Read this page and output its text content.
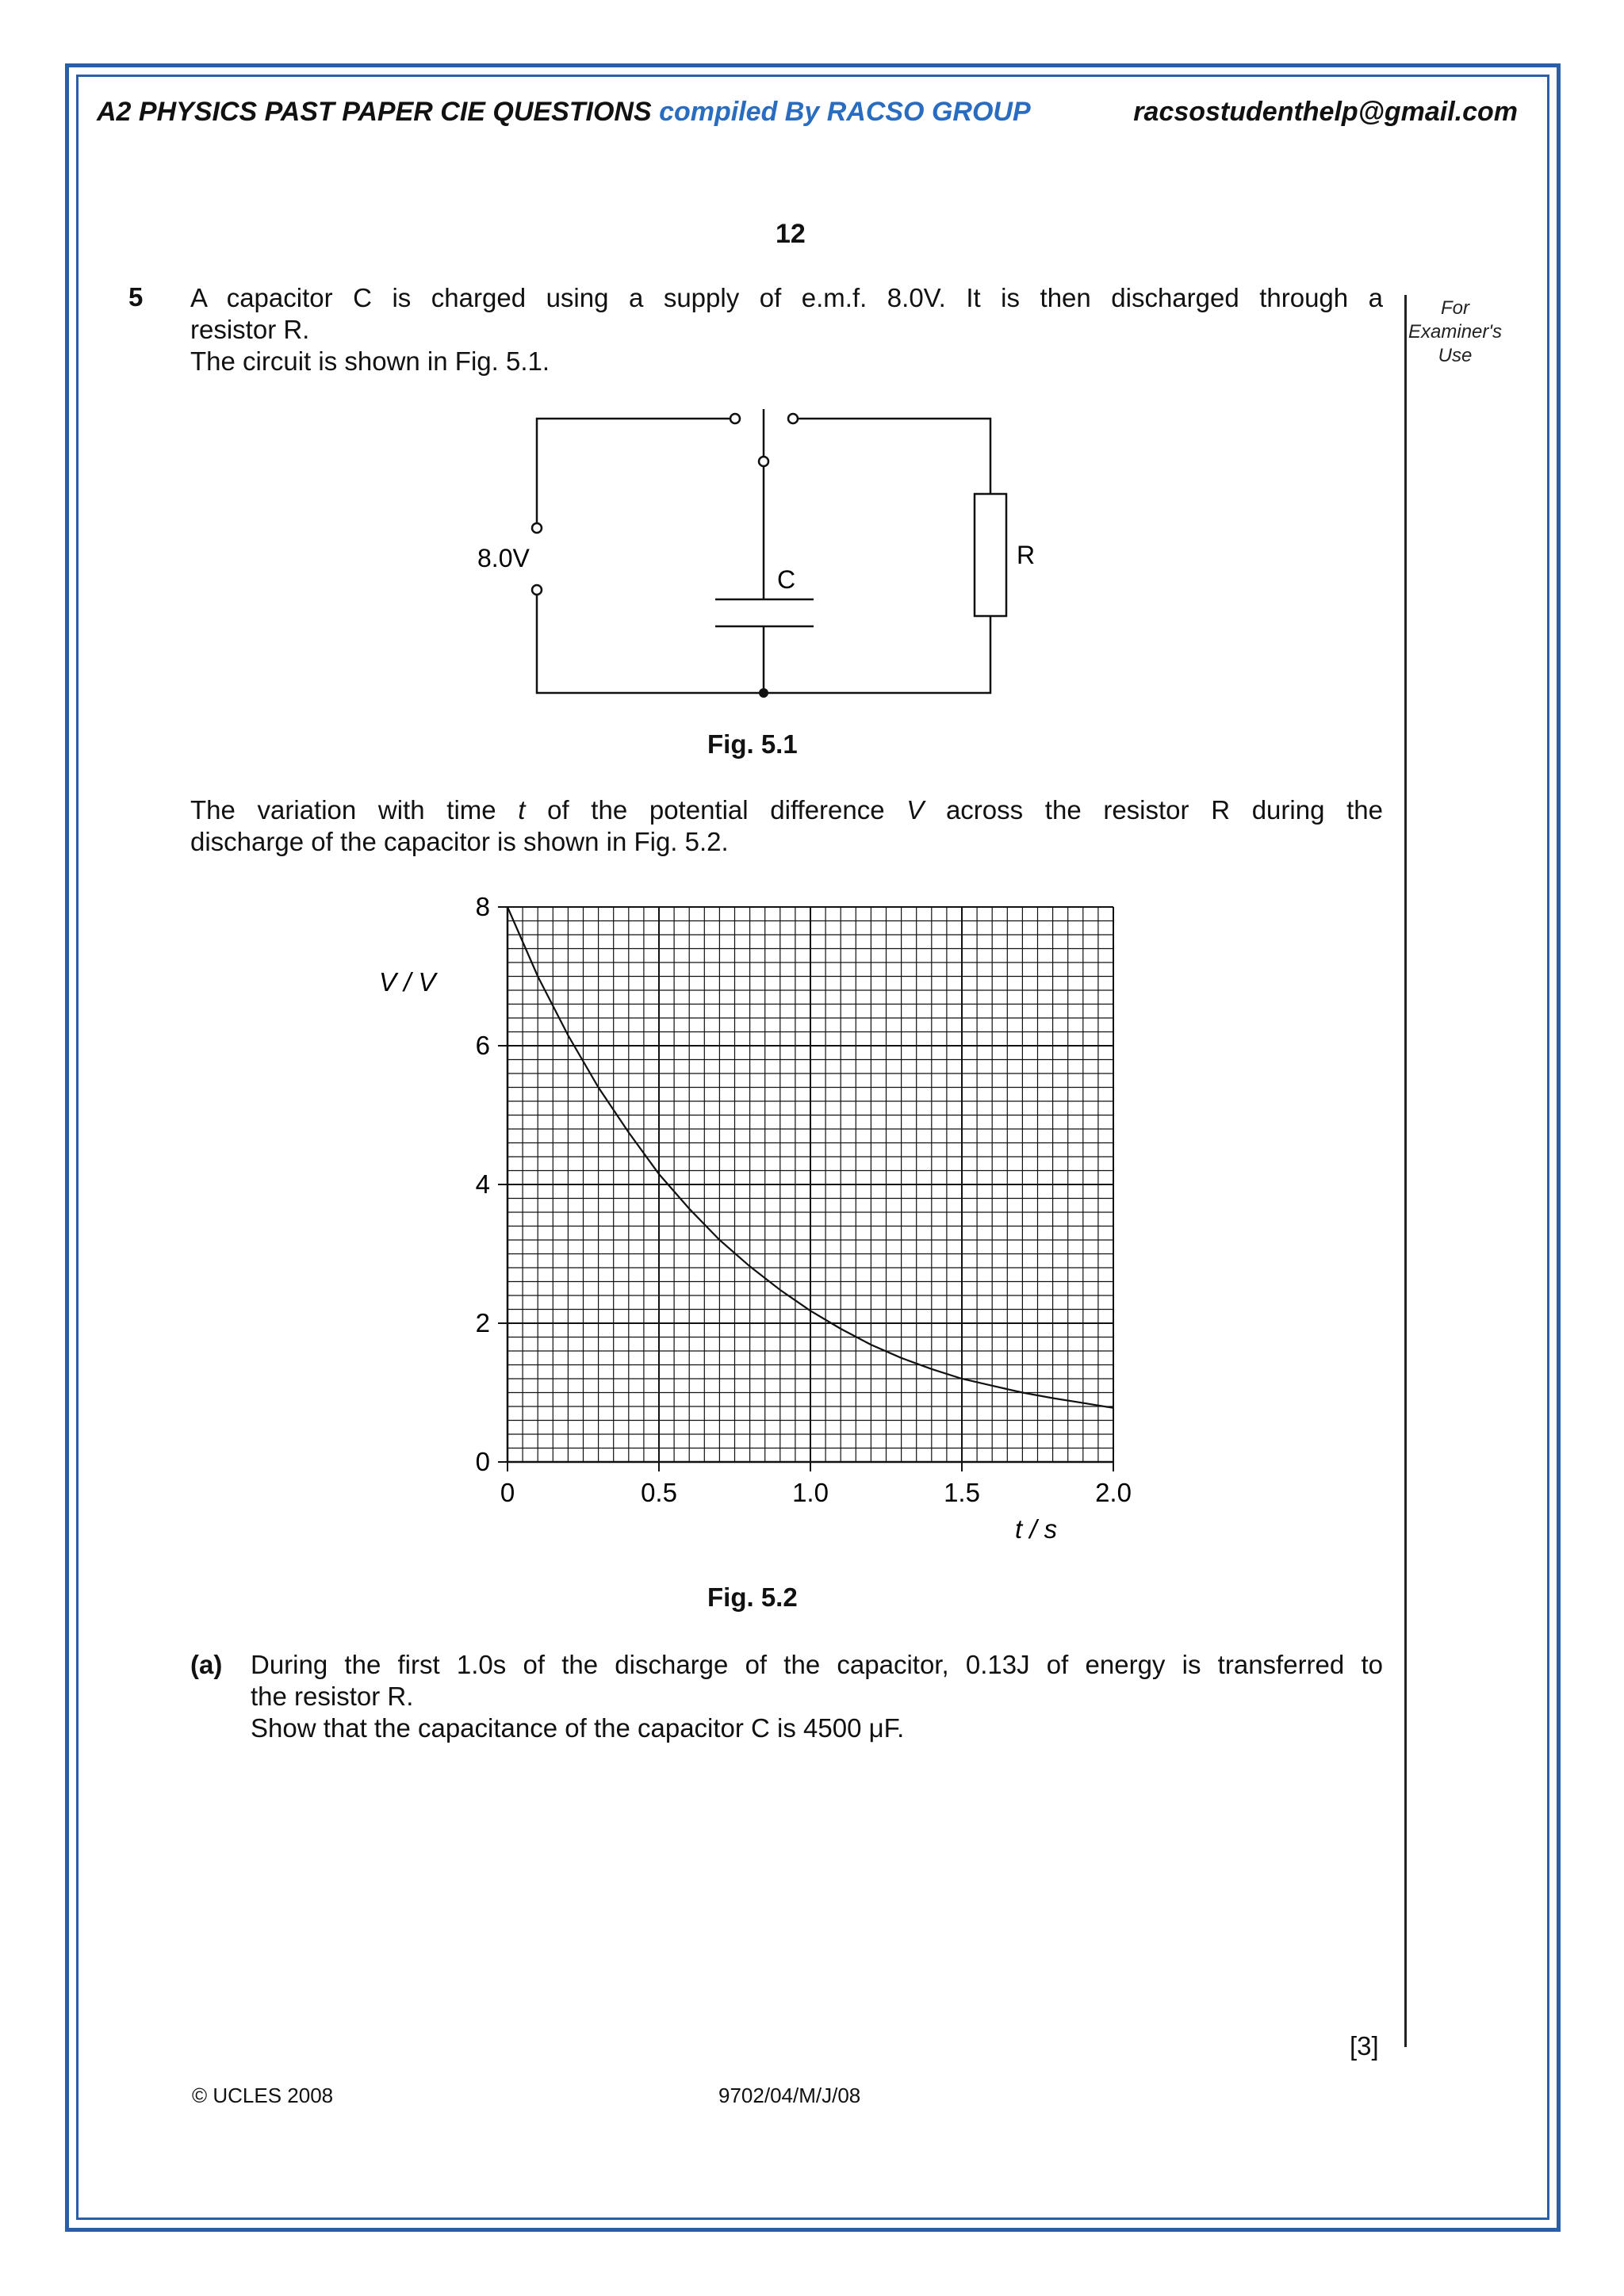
A2 PHYSICS PAST PAPER CIE QUESTIONS compiled By RACSO GROUP	racsostudenthelp@gmail.com
12
5 A capacitor C is charged using a supply of e.m.f. 8.0V. It is then discharged through a
resistor R.
The circuit is shown in Fig. 5.1.
For
Examiner's
Use
8.0V
C
R
Fig. 5.1
The variation with time t of the potential difference V across the resistor R during the
discharge of the capacitor is shown in Fig. 5.2.
0	0.5	1.0	1.5	2.0
0
2
4
6
8
V / V
t / s
Fig. 5.2
(a) During the first 1.0s of the discharge of the capacitor, 0.13J of energy is transferred to
the resistor R.
Show that the capacitance of the capacitor C is 4500 μF.
[3]
© UCLES 2008	9702/04/M/J/08
